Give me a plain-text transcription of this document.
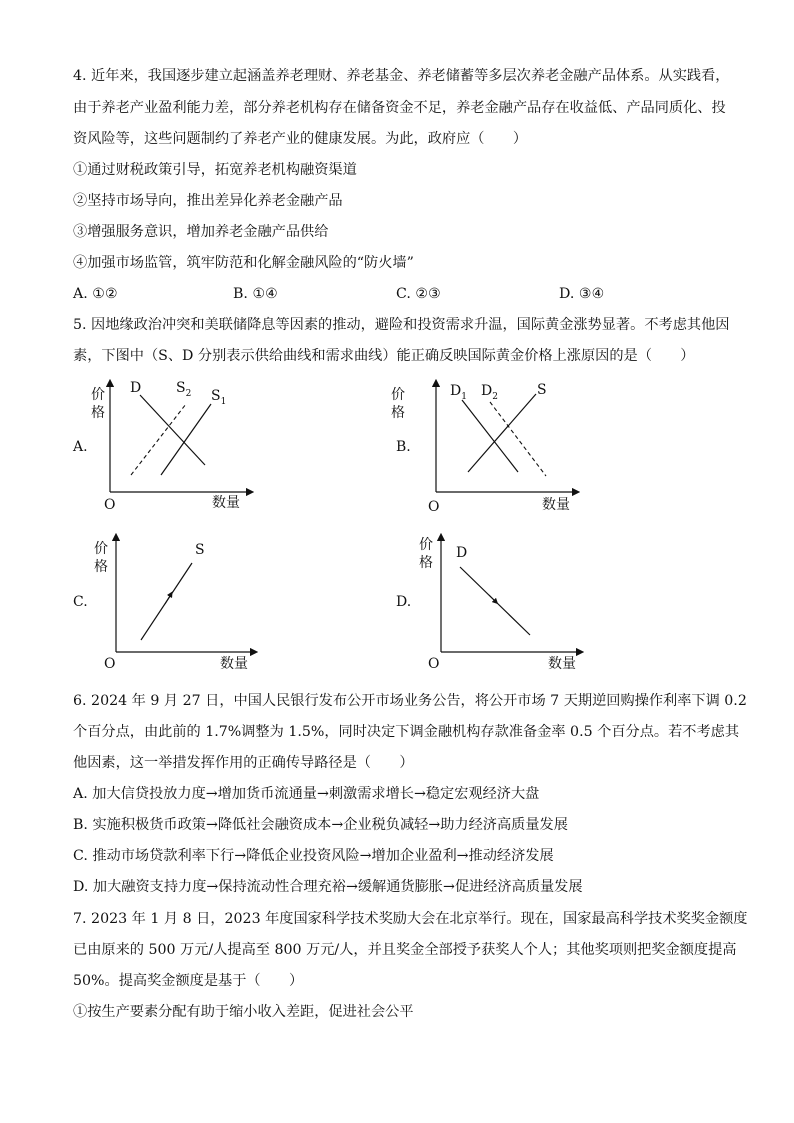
4. 近年来，我国逐步建立起涵盖养老理财、养老基金、养老储蓄等多层次养老金融产品体系。从实践看，
由于养老产业盈利能力差，部分养老机构存在储备资金不足，养老金融产品存在收益低、产品同质化、投
资风险等，这些问题制约了养老产业的健康发展。为此，政府应（　　）
①通过财税政策引导，拓宽养老机构融资渠道
②坚持市场导向，推出差异化养老金融产品
③增强服务意识，增加养老金融产品供给
④加强市场监管，筑牢防范和化解金融风险的“防火墙”
A. ①②	B. ①④	C. ②③	D. ③④
5. 因地缘政治冲突和美联储降息等因素的推动，避险和投资需求升温，国际黄金涨势显著。不考虑其他因
素，下图中（S、D 分别表示供给曲线和需求曲线）能正确反映国际黄金价格上涨原因的是（　　）
价格
A.
O	数量
D $S_2$ $S_1$	价格
B.
O	数量
$D_1$ $D_2$	S
价格
C.
O	数量
S	价格
D.
O	数量
D
6. 2024 年 9 月 27 日，中国人民银行发布公开市场业务公告，将公开市场 7 天期逆回购操作利率下调 0.2
个百分点，由此前的 1.7%调整为 1.5%，同时决定下调金融机构存款准备金率 0.5 个百分点。若不考虑其
他因素，这一举措发挥作用的正确传导路径是（　　）
A. 加大信贷投放力度→增加货币流通量→刺激需求增长→稳定宏观经济大盘
B. 实施积极货币政策→降低社会融资成本→企业税负减轻→助力经济高质量发展
C. 推动市场贷款利率下行→降低企业投资风险→增加企业盈利→推动经济发展
D. 加大融资支持力度→保持流动性合理充裕→缓解通货膨胀→促进经济高质量发展
7. 2023 年 1 月 8 日，2023 年度国家科学技术奖励大会在北京举行。现在，国家最高科学技术奖奖金额度
已由原来的 500 万元/人提高至 800 万元/人，并且奖金全部授予获奖人个人；其他奖项则把奖金额度提高
50%。提高奖金额度是基于（　　）
①按生产要素分配有助于缩小收入差距，促进社会公平
